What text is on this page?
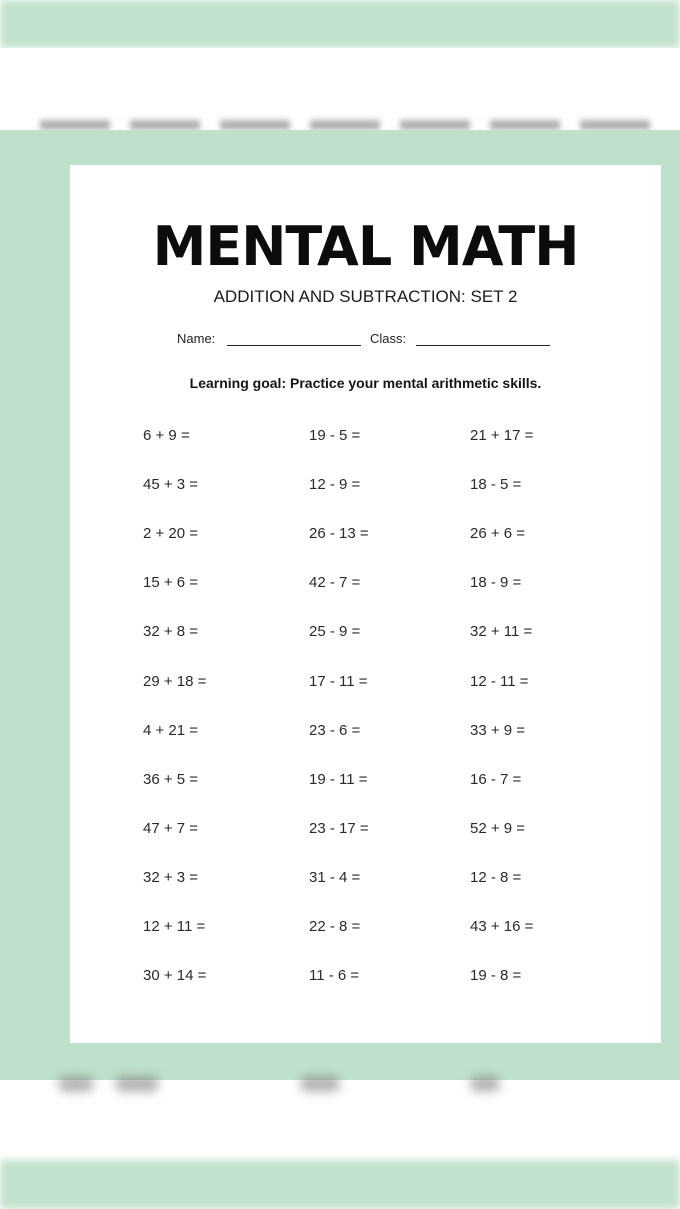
MENTAL MATH
ADDITION AND SUBTRACTION: SET 2
Name:	Class:
Learning goal: Practice your mental arithmetic skills.
6 + 9 =	19 - 5 =	21 + 17 =
45 + 3 =	12 - 9 =	18 - 5 =
2 + 20 =	26 - 13 =	26 + 6 =
15 + 6 =	42 - 7 =	18 - 9 =
32 + 8 =	25 - 9 =	32 + 11 =
29 + 18 =	17 - 11 =	12 - 11 =
4 + 21 =	23 - 6 =	33 + 9 =
36 + 5 =	19 - 11 =	16 - 7 =
47 + 7 =	23 - 17 =	52 + 9 =
32 + 3 =	31 - 4 =	12 - 8 =
12 + 11 =	22 - 8 =	43 + 16 =
30 + 14 =	11 - 6 =	19 - 8 =
